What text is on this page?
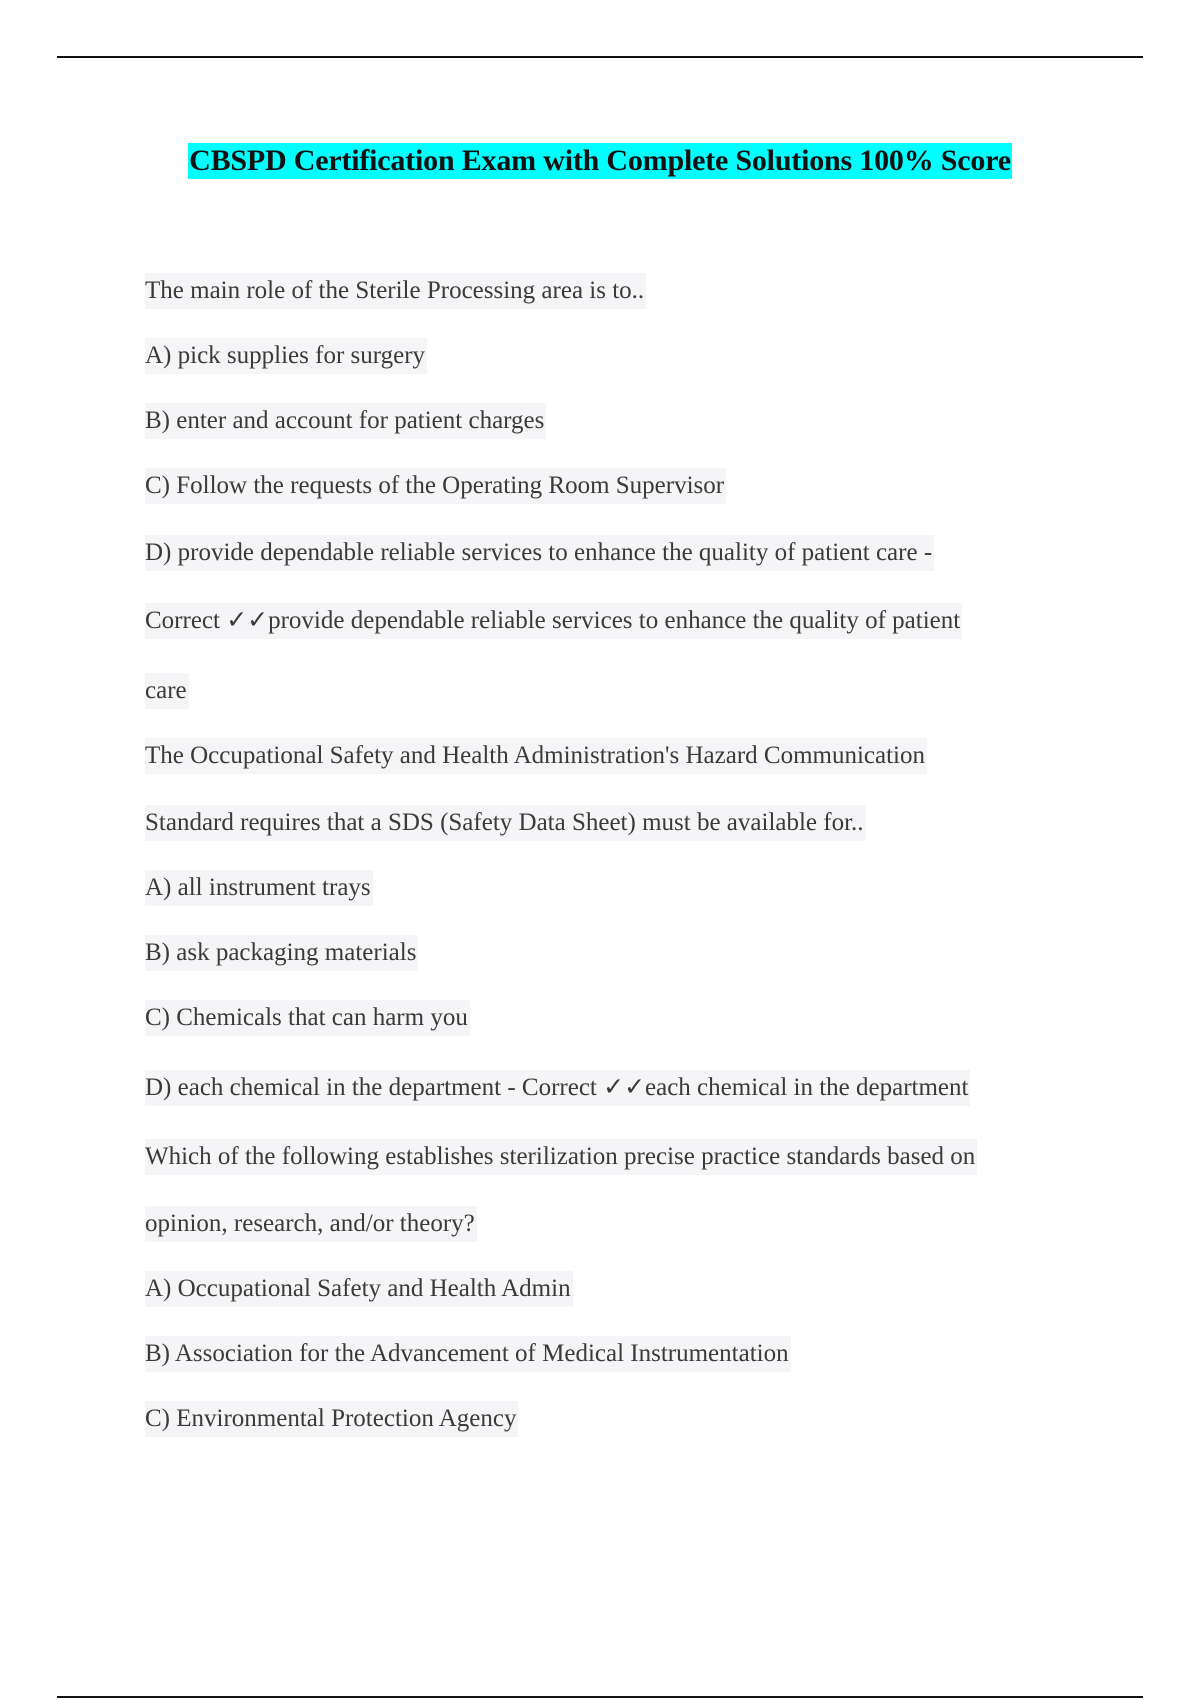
CBSPD Certification Exam with Complete Solutions 100% Score
The main role of the Sterile Processing area is to..
A) pick supplies for surgery
B) enter and account for patient charges
C) Follow the requests of the Operating Room Supervisor
D) provide dependable reliable services to enhance the quality of patient care -
Correct ✓✓provide dependable reliable services to enhance the quality of patient
care
The Occupational Safety and Health Administration's Hazard Communication
Standard requires that a SDS (Safety Data Sheet) must be available for..
A) all instrument trays
B) ask packaging materials
C) Chemicals that can harm you
D) each chemical in the department - Correct ✓✓each chemical in the department
Which of the following establishes sterilization precise practice standards based on
opinion, research, and/or theory?
A) Occupational Safety and Health Admin
B) Association for the Advancement of Medical Instrumentation
C) Environmental Protection Agency
